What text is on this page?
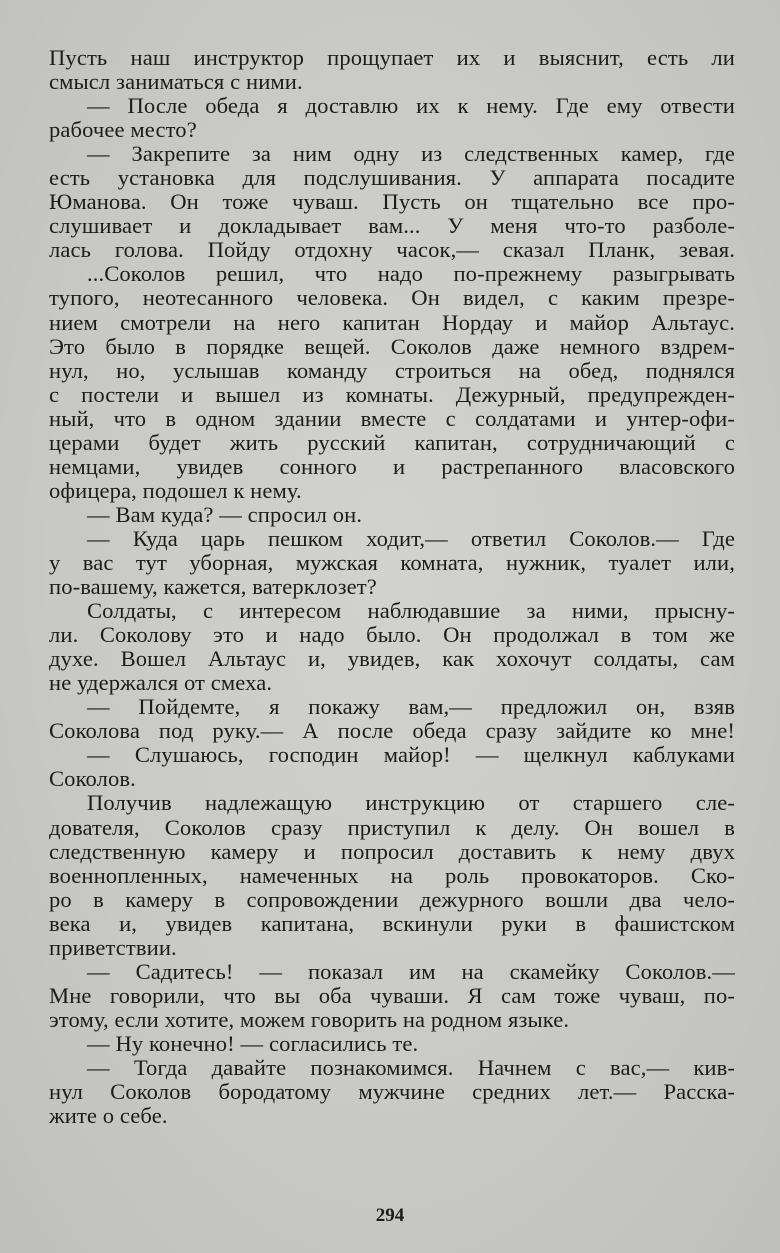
Пусть наш инструктор прощупает их и выяснит, есть ли
смысл заниматься с ними.
— После обеда я доставлю их к нему. Где ему отвести
рабочее место?
— Закрепите за ним одну из следственных камер, где
есть установка для подслушивания. У аппарата посадите
Юманова. Он тоже чуваш. Пусть он тщательно все про-
слушивает и докладывает вам... У меня что-то разболе-
лась голова. Пойду отдохну часок,— сказал Планк, зевая.
...Соколов решил, что надо по-прежнему разыгрывать
тупого, неотесанного человека. Он видел, с каким презре-
нием смотрели на него капитан Нордау и майор Альтаус.
Это было в порядке вещей. Соколов даже немного вздрем-
нул, но, услышав команду строиться на обед, поднялся
с постели и вышел из комнаты. Дежурный, предупрежден-
ный, что в одном здании вместе с солдатами и унтер-офи-
церами будет жить русский капитан, сотрудничающий с
немцами, увидев сонного и растрепанного власовского
офицера, подошел к нему.
— Вам куда? — спросил он.
— Куда царь пешком ходит,— ответил Соколов.— Где
у вас тут уборная, мужская комната, нужник, туалет или,
по-вашему, кажется, ватерклозет?
Солдаты, с интересом наблюдавшие за ними, прысну-
ли. Соколову это и надо было. Он продолжал в том же
духе. Вошел Альтаус и, увидев, как хохочут солдаты, сам
не удержался от смеха.
— Пойдемте, я покажу вам,— предложил он, взяв
Соколова под руку.— А после обеда сразу зайдите ко мне!
— Слушаюсь, господин майор! — щелкнул каблуками
Соколов.
Получив надлежащую инструкцию от старшего сле-
дователя, Соколов сразу приступил к делу. Он вошел в
следственную камеру и попросил доставить к нему двух
военнопленных, намеченных на роль провокаторов. Ско-
ро в камеру в сопровождении дежурного вошли два чело-
века и, увидев капитана, вскинули руки в фашистском
приветствии.
— Садитесь! — показал им на скамейку Соколов.—
Мне говорили, что вы оба чуваши. Я сам тоже чуваш, по-
этому, если хотите, можем говорить на родном языке.
— Ну конечно! — согласились те.
— Тогда давайте познакомимся. Начнем с вас,— кив-
нул Соколов бородатому мужчине средних лет.— Расска-
жите о себе.
294
